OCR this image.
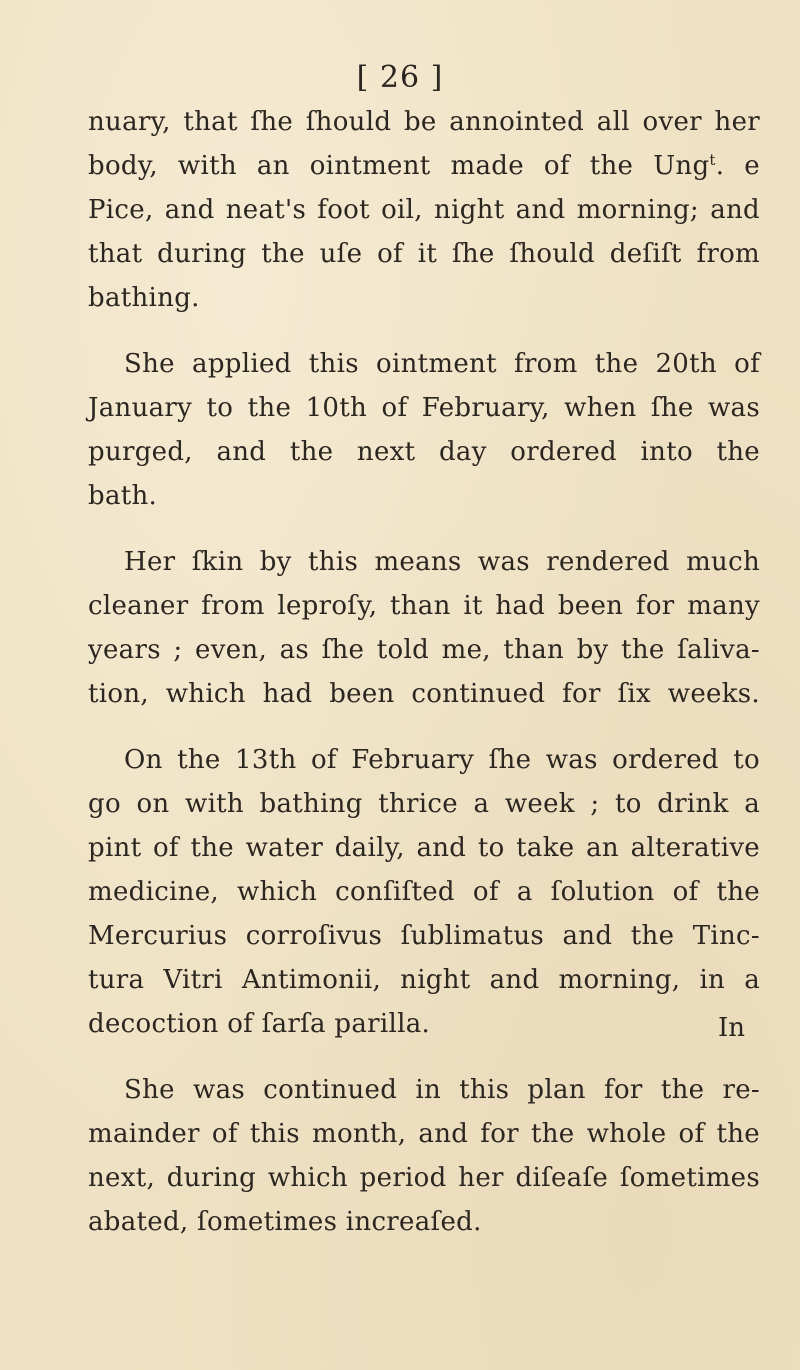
[ 26 ]
nuary, that ſhe ſhould be annointed all over her
body, with an ointment made of the Ung$^t$. e
Pice, and neat's foot oil, night and morning; and
that during the uſe of it ſhe ſhould deſiſt from
bathing.
She applied this ointment from the 20th of
January to the 10th of February, when ſhe was
purged, and the next day ordered into the
bath.
Her ſkin by this means was rendered much
cleaner from leproſy, than it had been for many
years ; even, as ſhe told me, than by the ſaliva-
tion, which had been continued for ſix weeks.
On the 13th of February ſhe was ordered to
go on with bathing thrice a week ; to drink a
pint of the water daily, and to take an alterative
medicine, which conſiſted of a ſolution of the
Mercurius corroſivus ſublimatus and the Tinc-
tura Vitri Antimonii, night and morning, in a
decoction of ſarſa parilla.
She was continued in this plan for the re-
mainder of this month, and for the whole of the
next, during which period her diſeaſe ſometimes
abated, ſometimes increaſed.
In
